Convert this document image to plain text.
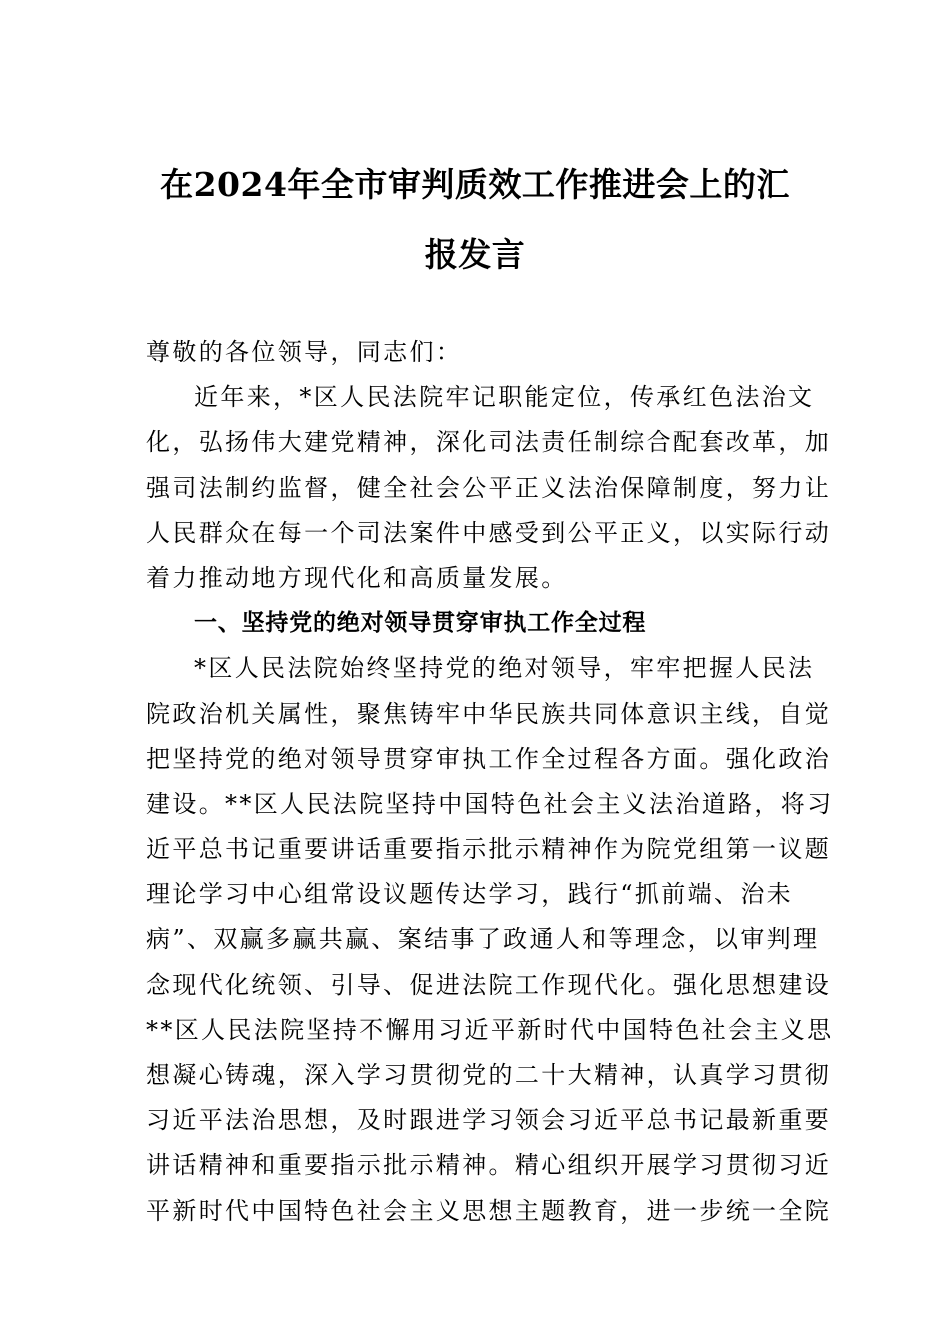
在2024年全市审判质效工作推进会上的汇
报发言
尊敬的各位领导，同志们：
近年来，*区人民法院牢记职能定位，传承红色法治文
化，弘扬伟大建党精神，深化司法责任制综合配套改革，加
强司法制约监督，健全社会公平正义法治保障制度，努力让
人民群众在每一个司法案件中感受到公平正义，以实际行动
着力推动地方现代化和高质量发展。
一、坚持党的绝对领导贯穿审执工作全过程
*区人民法院始终坚持党的绝对领导，牢牢把握人民法
院政治机关属性，聚焦铸牢中华民族共同体意识主线，自觉
把坚持党的绝对领导贯穿审执工作全过程各方面。强化政治
建设。**区人民法院坚持中国特色社会主义法治道路，将习
近平总书记重要讲话重要指示批示精神作为院党组第一议题
理论学习中心组常设议题传达学习，践行“抓前端、治未
病”、双赢多赢共赢、案结事了政通人和等理念，以审判理
念现代化统领、引导、促进法院工作现代化。强化思想建设
**区人民法院坚持不懈用习近平新时代中国特色社会主义思
想凝心铸魂，深入学习贯彻党的二十大精神，认真学习贯彻
习近平法治思想，及时跟进学习领会习近平总书记最新重要
讲话精神和重要指示批示精神。精心组织开展学习贯彻习近
平新时代中国特色社会主义思想主题教育，进一步统一全院
